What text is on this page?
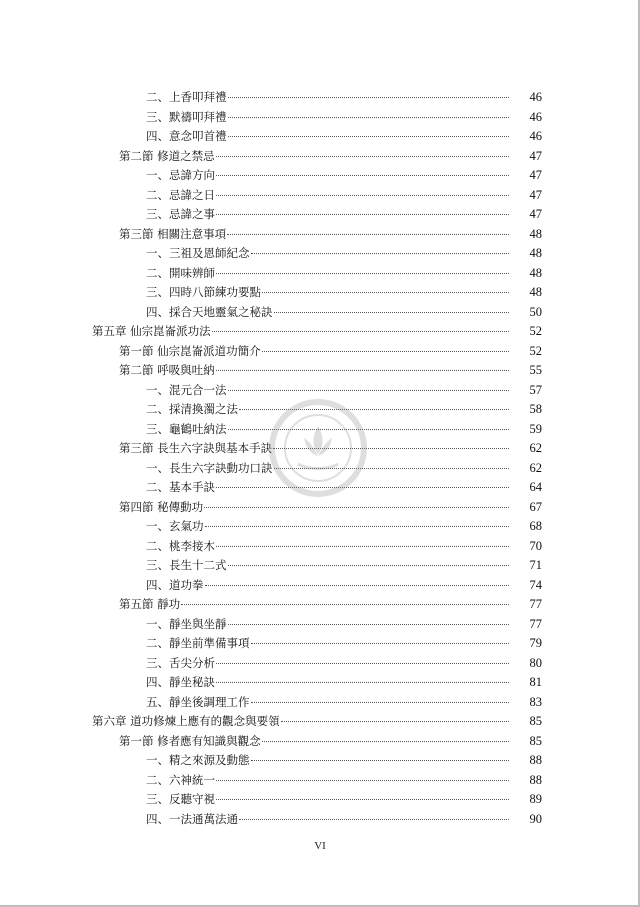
二、上香叩拜禮	46
三、默禱叩拜禮	46
四、意念叩首禮	46
第二節 修道之禁忌	47
一、忌諱方向	47
二、忌諱之日	47
三、忌諱之事	47
第三節 相關注意事項	48
一、三祖及恩師紀念	48
二、開味辨師	48
三、四時八節練功要點	48
四、採合天地靈氣之秘訣	50
第五章 仙宗崑崙派功法	52
第一節 仙宗崑崙派道功簡介	52
第二節 呼吸與吐納	55
一、混元合一法	57
二、採清換濁之法	58
三、龜鶴吐納法	59
第三節 長生六字訣與基本手訣	62
一、長生六字訣動功口訣	62
二、基本手訣	64
第四節 秘傳動功	67
一、玄氣功	68
二、桃李接木	70
三、長生十二式	71
四、道功拳	74
第五節 靜功	77
一、靜坐與坐靜	77
二、靜坐前準備事項	79
三、舌尖分析	80
四、靜坐秘訣	81
五、靜坐後調理工作	83
第六章 道功修煉上應有的觀念與要領	85
第一節 修者應有知識與觀念	85
一、精之來源及動態	88
二、六神統一	88
三、反聽守視	89
四、一法通萬法通	90
VI
